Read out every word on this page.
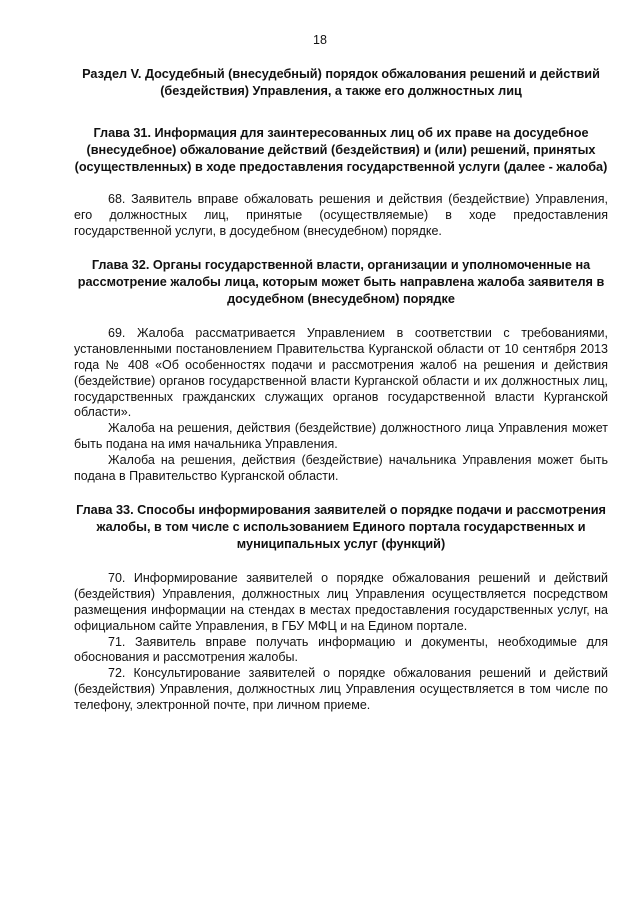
18
Раздел V. Досудебный (внесудебный) порядок обжалования решений и действий (бездействия) Управления, а также его должностных лиц
Глава 31. Информация для заинтересованных лиц об их праве на досудебное (внесудебное) обжалование действий (бездействия) и (или) решений, принятых (осуществленных) в ходе предоставления государственной услуги (далее - жалоба)
68. Заявитель вправе обжаловать решения и действия (бездействие) Управления, его должностных лиц, принятые (осуществляемые) в ходе предоставления государственной услуги, в досудебном (внесудебном) порядке.
Глава 32. Органы государственной власти, организации и уполномоченные на рассмотрение жалобы лица, которым может быть направлена жалоба заявителя в досудебном (внесудебном) порядке
69. Жалоба рассматривается Управлением в соответствии с требованиями, установленными постановлением Правительства Курганской области от 10 сентября 2013 года № 408 «Об особенностях подачи и рассмотрения жалоб на решения и действия (бездействие) органов государственной власти Курганской области и их должностных лиц, государственных гражданских служащих органов государственной власти Курганской области».
Жалоба на решения, действия (бездействие) должностного лица Управления может быть подана на имя начальника Управления.
Жалоба на решения, действия (бездействие) начальника Управления может быть подана в Правительство Курганской области.
Глава 33. Способы информирования заявителей о порядке подачи и рассмотрения жалобы, в том числе с использованием Единого портала государственных и муниципальных услуг (функций)
70. Информирование заявителей о порядке обжалования решений и действий (бездействия) Управления, должностных лиц Управления осуществляется посредством размещения информации на стендах в местах предоставления государственных услуг, на официальном сайте Управления, в ГБУ МФЦ и на Едином портале.
71. Заявитель вправе получать информацию и документы, необходимые для обоснования и рассмотрения жалобы.
72. Консультирование заявителей о порядке обжалования решений и действий (бездействия) Управления, должностных лиц Управления осуществляется в том числе по телефону, электронной почте, при личном приеме.
